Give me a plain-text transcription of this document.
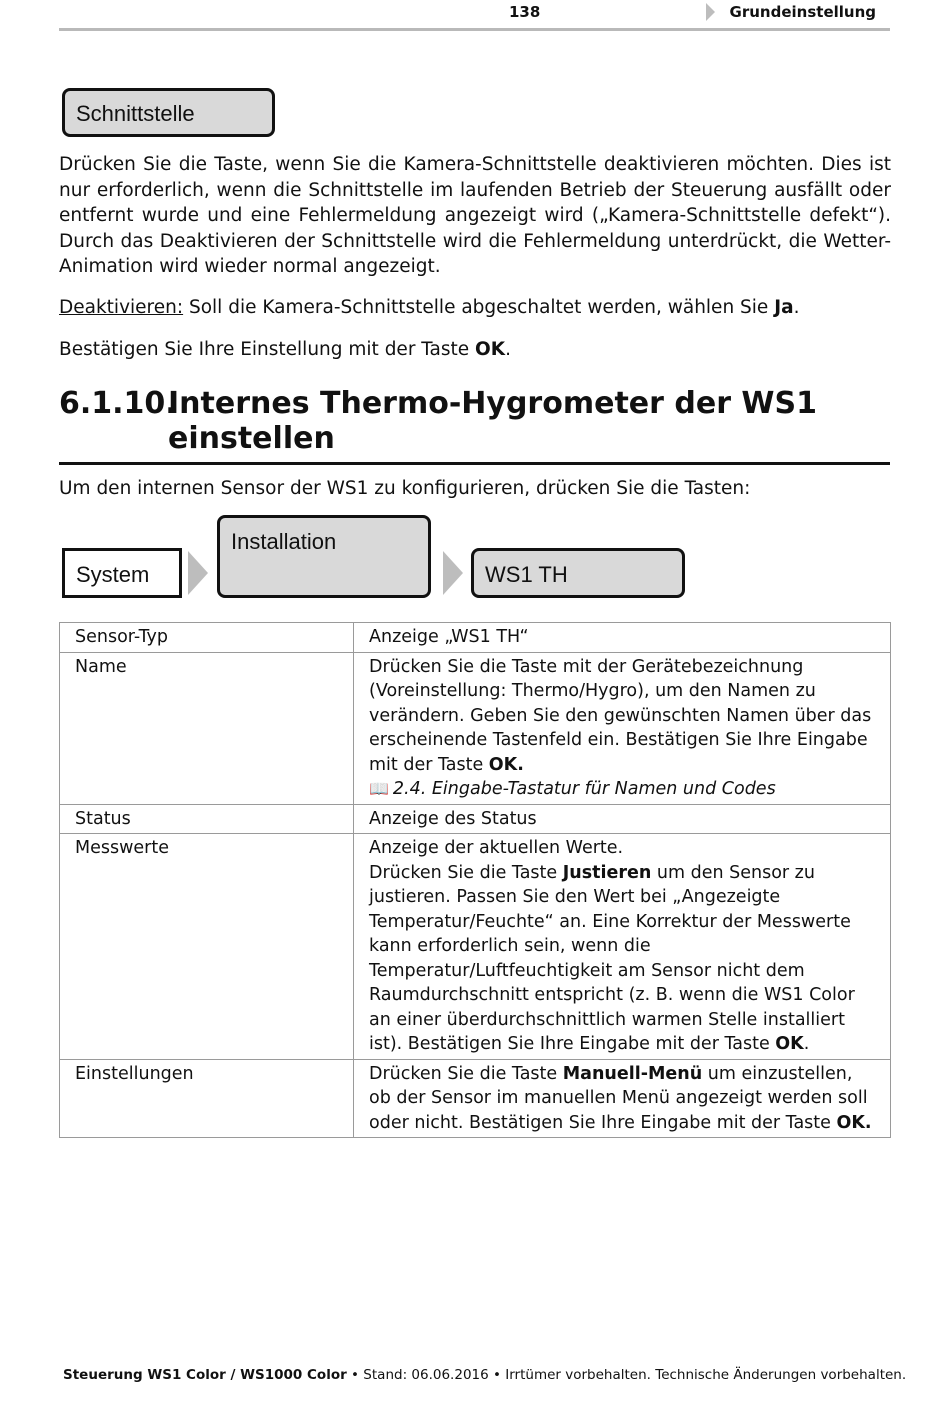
138	Grundeinstellung
Schnittstelle

Drücken Sie die Taste, wenn Sie die Kamera-Schnittstelle deaktivieren möchten. Dies ist nur erforderlich, wenn die Schnittstelle im laufenden Betrieb der Steuerung ausfällt oder entfernt wurde und eine Fehlermeldung angezeigt wird („Kamera-Schnittstelle defekt“). Durch das Deaktivieren der Schnittstelle wird die Fehlermeldung unterdrückt, die Wetter-Animation wird wieder normal angezeigt.

Deaktivieren: Soll die Kamera-Schnittstelle abgeschaltet werden, wählen Sie Ja.

Bestätigen Sie Ihre Einstellung mit der Taste OK.

6.1.10.
Internes Thermo-Hygrometer der WS1
einstellen

Um den internen Sensor der WS1 zu konfigurieren, drücken Sie die Tasten:

System
Installation
WS1 TH
Sensor-Typ	Anzeige „WS1 TH“
Name	Drücken Sie die Taste mit der Gerätebezeichnung (Voreinstellung: Thermo/Hygro), um den Namen zu verändern. Geben Sie den gewünschten Namen über das erscheinende Tastenfeld ein. Bestätigen Sie Ihre Eingabe mit der Taste OK.
📖 2.4. Eingabe-Tastatur für Namen und Codes
Status	Anzeige des Status
Messwerte	Anzeige der aktuellen Werte.
Drücken Sie die Taste Justieren um den Sensor zu justieren. Passen Sie den Wert bei „Angezeigte Temperatur/Feuchte“ an. Eine Korrektur der Messwerte kann erforderlich sein, wenn die Temperatur/Luftfeuchtigkeit am Sensor nicht dem Raumdurchschnitt entspricht (z. B. wenn die WS1 Color an einer überdurchschnittlich warmen Stelle installiert ist). Bestätigen Sie Ihre Eingabe mit der Taste OK.
Einstellungen	Drücken Sie die Taste Manuell-Menü um einzustellen, ob der Sensor im manuellen Menü angezeigt werden soll oder nicht. Bestätigen Sie Ihre Eingabe mit der Taste OK.
Steuerung WS1 Color / WS1000 Color • Stand: 06.06.2016 • Irrtümer vorbehalten. Technische Änderungen vorbehalten.
